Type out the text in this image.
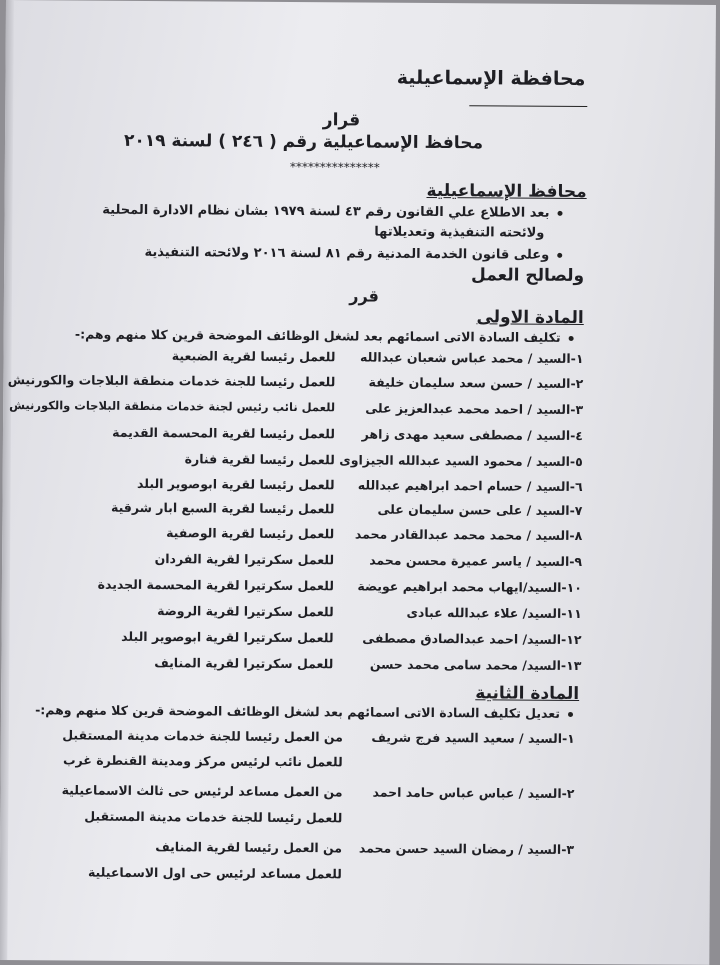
محافظة الإسماعيلية
قرار
محافظ الإسماعيلية رقم ( ٢٤٦ ) لسنة ٢٠١٩
***************
محافظ الإسماعيلية
بعد الاطلاع علي القانون رقم ٤٣ لسنة ١٩٧٩ بشان نظام الادارة المحلية
ولائحته التنفيذية وتعديلاتها
وعلى قانون الخدمة المدنية رقم ٨١ لسنة ٢٠١٦ ولائحته التنفيذية
ولصالح العمل
قرر
المادة الاولى
تكليف السادة الاتى اسمائهم بعد لشغل الوظائف الموضحة قرين كلا منهم وهم:-
١-السيد / محمد عباس شعبان عبدالله
للعمل رئيسا لقرية الضبعية
٢-السيد / حسن سعد سليمان خليفة
للعمل رئيسا للجنة خدمات منطقة البلاجات والكورنيش
٣-السيد / احمد محمد عبدالعزيز على
للعمل نائب رئيس لجنة خدمات منطقة البلاجات والكورنيش
٤-السيد / مصطفى سعيد مهدى زاهر
للعمل رئيسا لقرية المحسمة القديمة
٥-السيد / محمود السيد عبدالله الجيزاوى
للعمل رئيسا لقرية فنارة
٦-السيد / حسام احمد ابراهيم عبدالله
للعمل رئيسا لقرية ابوصوير البلد
٧-السيد / على حسن سليمان على
للعمل رئيسا لقرية السبع ابار شرقية
٨-السيد / محمد محمد عبدالقادر محمد
للعمل رئيسا لقرية الوصفية
٩-السيد / ياسر عميرة محسن محمد
للعمل سكرتيرا لقرية الفردان
١٠-السيد/ايهاب محمد ابراهيم عويضة
للعمل سكرتيرا لقرية المحسمة الجديدة
١١-السيد/ علاء عبدالله عبادى
للعمل سكرتيرا لقرية الروضة
١٢-السيد/ احمد عبدالصادق مصطفى
للعمل سكرتيرا لقرية ابوصوير البلد
١٣-السيد/ محمد سامى محمد حسن
للعمل سكرتيرا لقرية المنايف
المادة الثانية
تعديل تكليف السادة الاتى اسمائهم بعد لشغل الوظائف الموضحة قرين كلا منهم وهم:-
١-السيد / سعيد السيد فرج شريف
من العمل رئيسا للجنة خدمات مدينة المستقبل
للعمل نائب لرئيس مركز ومدينة القنطرة غرب
٢-السيد / عباس عباس حامد احمد
من العمل مساعد لرئيس حى ثالث الاسماعيلية
للعمل رئيسا للجنة خدمات مدينة المستقبل
٣-السيد / رمضان السيد حسن محمد
من العمل رئيسا لقرية المنايف
للعمل مساعد لرئيس حى اول الاسماعيلية
